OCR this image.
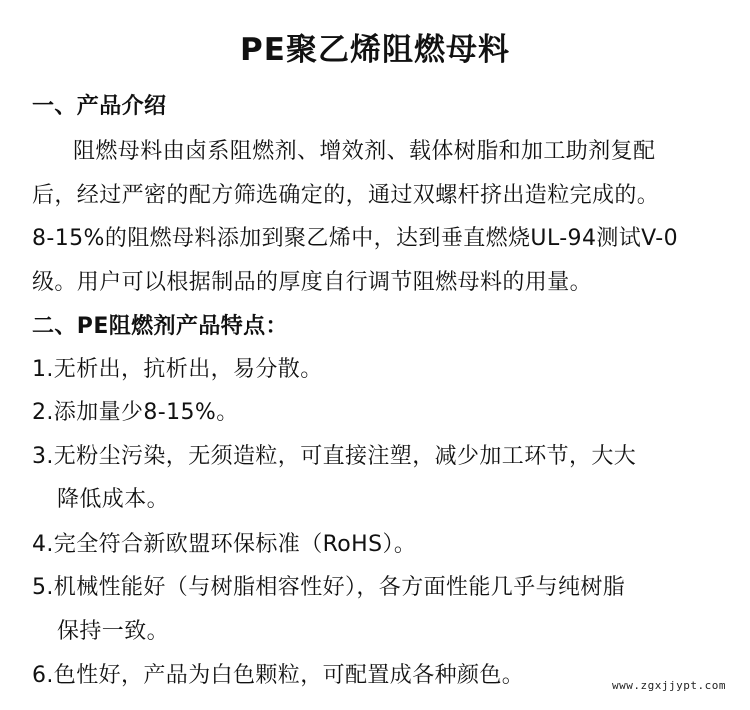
PE聚乙烯阻燃母料
一、产品介绍
阻燃母料由卤系阻燃剂、增效剂、载体树脂和加工助剂复配
后，经过严密的配方筛选确定的，通过双螺杆挤出造粒完成的。
8-15%的阻燃母料添加到聚乙烯中，达到垂直燃烧UL-94测试V-0
级。用户可以根据制品的厚度自行调节阻燃母料的用量。
二、PE阻燃剂产品特点：
1.无析出，抗析出，易分散。
2.添加量少8-15%。
3.无粉尘污染，无须造粒，可直接注塑，减少加工环节，大大
降低成本。
4.完全符合新欧盟环保标准（RoHS）。
5.机械性能好（与树脂相容性好），各方面性能几乎与纯树脂
保持一致。
6.色性好，产品为白色颗粒，可配置成各种颜色。	www.zgxjjypt.com
